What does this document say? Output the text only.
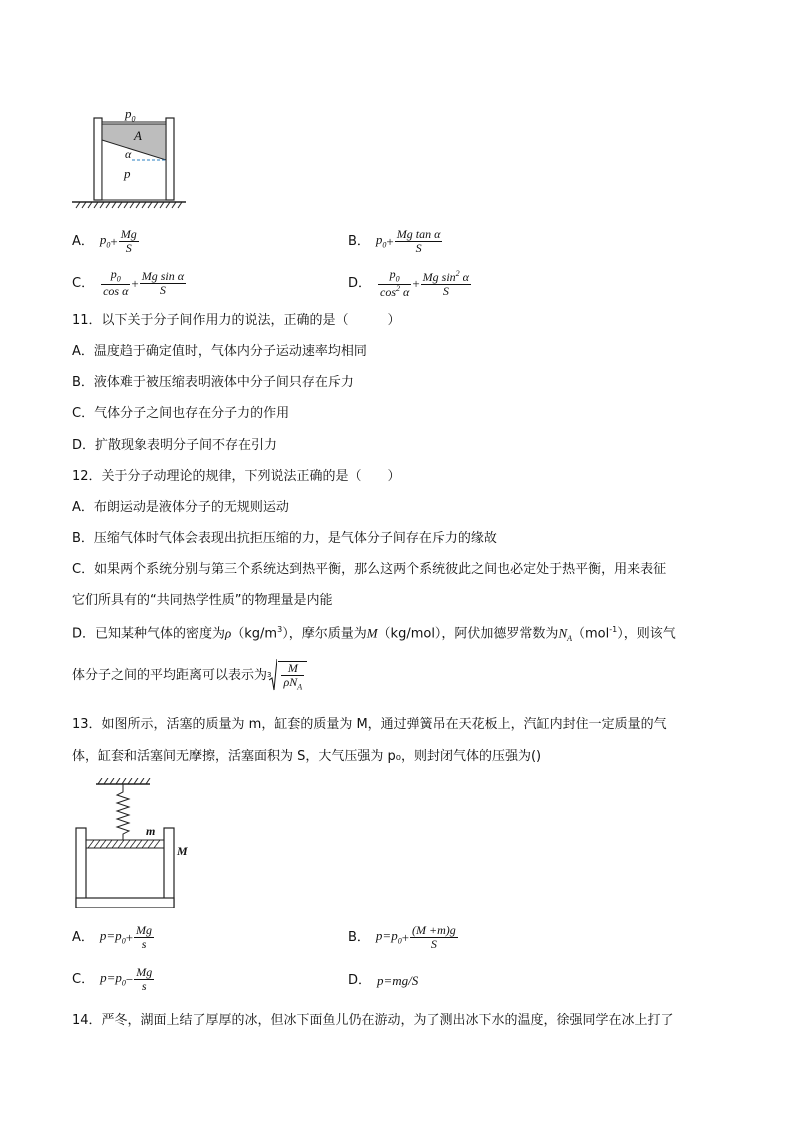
$p_0$
A
α
p
A． $p_0 + \frac{Mg}{S}$	B． $p_0 + \frac{\text{Mg tan α}}{S}$
C． $\frac{p_0}{\text{cos α}} + \frac{\text{Mg sin α}}{S}$	D． $\frac{p_0}{\cos^2 \alpha} + \frac{Mg \sin^2 \alpha}{S}$
11．以下关于分子间作用力的说法，正确的是（　　　）
A．温度趋于确定值时，气体内分子运动速率均相同
B．液体难于被压缩表明液体中分子间只存在斥力
C．气体分子之间也存在分子力的作用
D．扩散现象表明分子间不存在引力
12．关于分子动理论的规律，下列说法正确的是（　　）
A．布朗运动是液体分子的无规则运动
B．压缩气体时气体会表现出抗拒压缩的力，是气体分子间存在斥力的缘故
C．如果两个系统分别与第三个系统达到热平衡，那么这两个系统彼此之间也必定处于热平衡，用来表征
它们所具有的“共同热学性质”的物理量是内能
D．已知某种气体的密度为$\rho(kg/m^3)$，摩尔质量为M（kg/mol），阿伏加德罗常数为$N_A(mol^{-1})$，则该气
体分子之间的平均距离可以表示为 $3 \frac{M}{\rho N_A}$
13．如图所示，活塞的质量为 m，缸套的质量为 M，通过弹簧吊在天花板上，汽缸内封住一定质量的气
体，缸套和活塞间无摩擦，活塞面积为 S，大气压强为 p₀，则封闭气体的压强为()
m
M
A． $p=p_0 + \frac{Mg}{s}$	B． $p=p_0 + \frac{(M +m)g}{S}$
C． $p=p_0 - \frac{Mg}{s}$	D． p=mg/S
14．严冬，湖面上结了厚厚的冰，但冰下面鱼儿仍在游动，为了测出冰下水的温度，徐强同学在冰上打了
